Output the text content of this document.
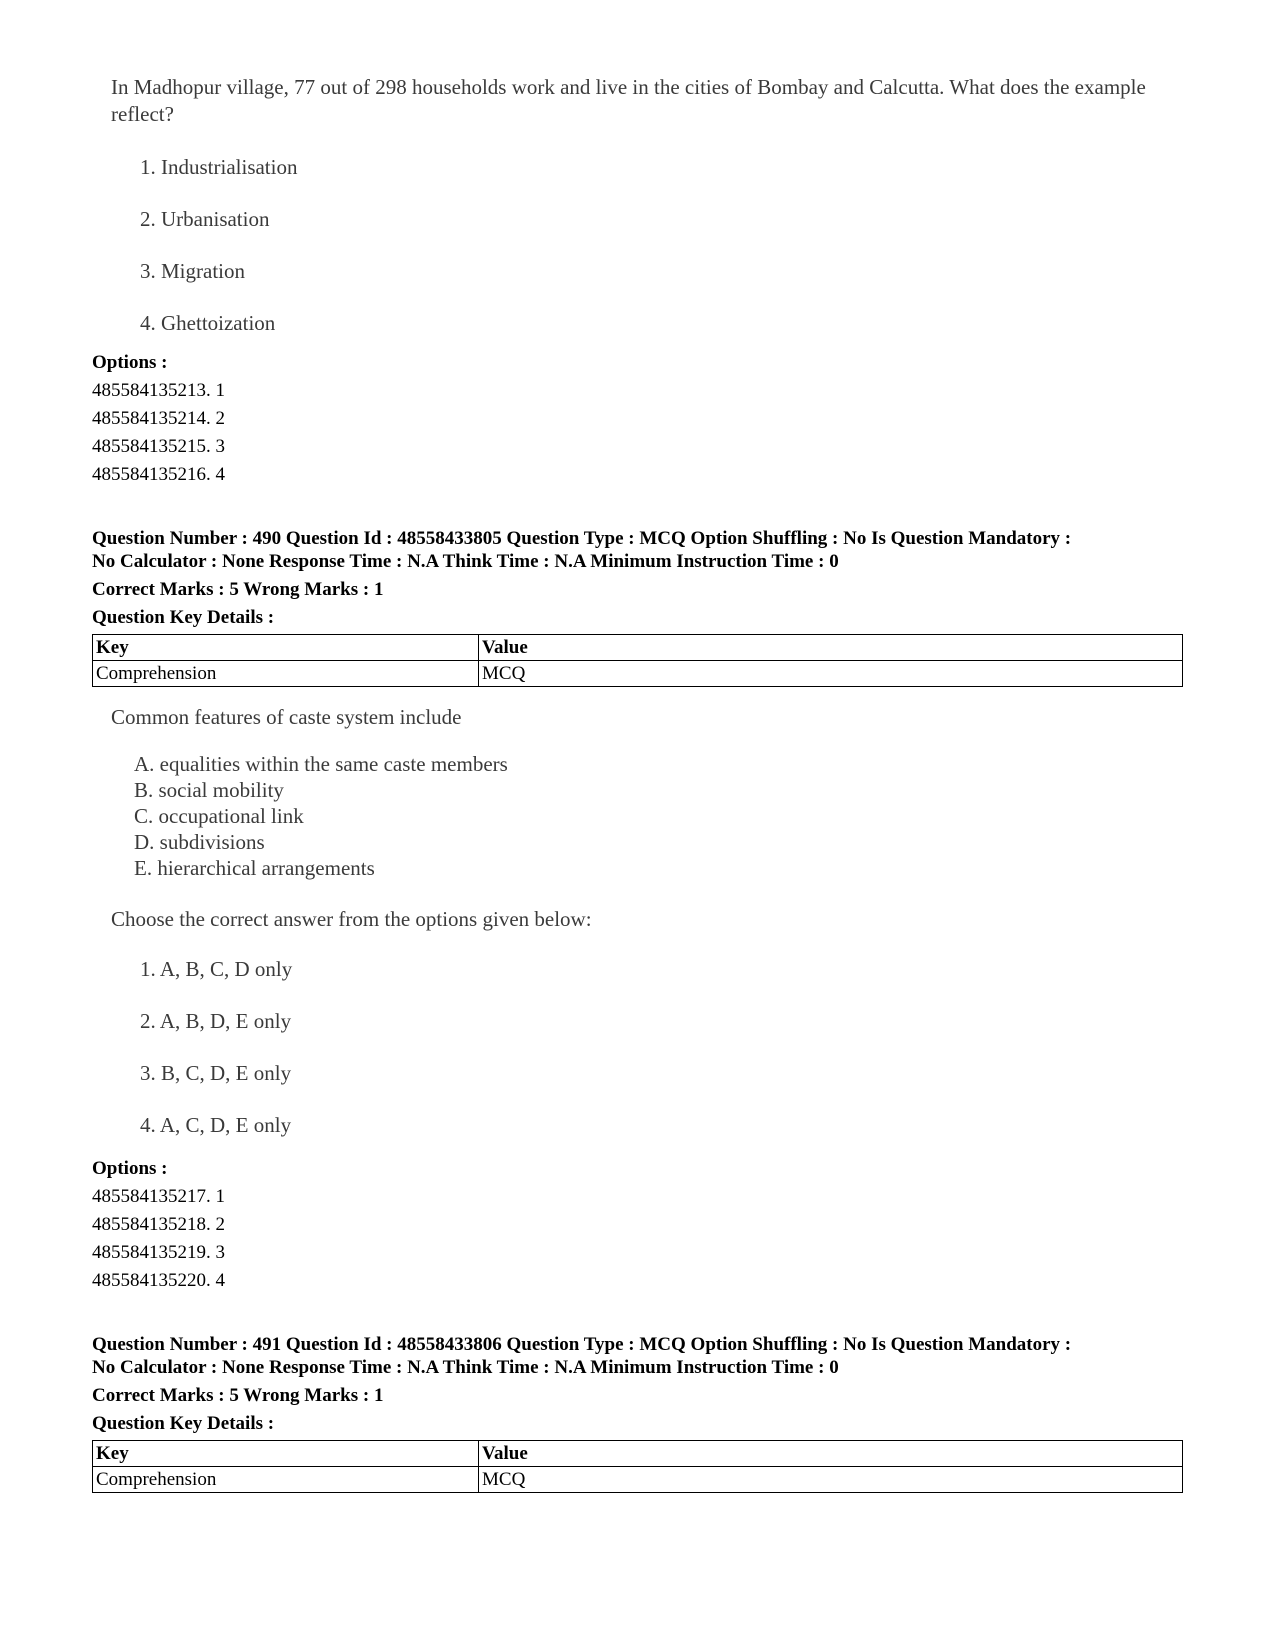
In Madhopur village, 77 out of 298 households work and live in the cities of Bombay and Calcutta. What does the example reflect?
1. Industrialisation
2. Urbanisation
3. Migration
4. Ghettoization
Options :
485584135213. 1
485584135214. 2
485584135215. 3
485584135216. 4
Question Number : 490 Question Id : 48558433805 Question Type : MCQ Option Shuffling : No Is Question Mandatory :
No Calculator : None Response Time : N.A Think Time : N.A Minimum Instruction Time : 0
Correct Marks : 5 Wrong Marks : 1
Question Key Details :
Key	Value
Comprehension	MCQ
Common features of caste system include
A. equalities within the same caste members
B. social mobility
C. occupational link
D. subdivisions
E. hierarchical arrangements
Choose the correct answer from the options given below:
1. A, B, C, D only
2. A, B, D, E only
3. B, C, D, E only
4. A, C, D, E only
Options :
485584135217. 1
485584135218. 2
485584135219. 3
485584135220. 4
Question Number : 491 Question Id : 48558433806 Question Type : MCQ Option Shuffling : No Is Question Mandatory :
No Calculator : None Response Time : N.A Think Time : N.A Minimum Instruction Time : 0
Correct Marks : 5 Wrong Marks : 1
Question Key Details :
Key	Value
Comprehension	MCQ
